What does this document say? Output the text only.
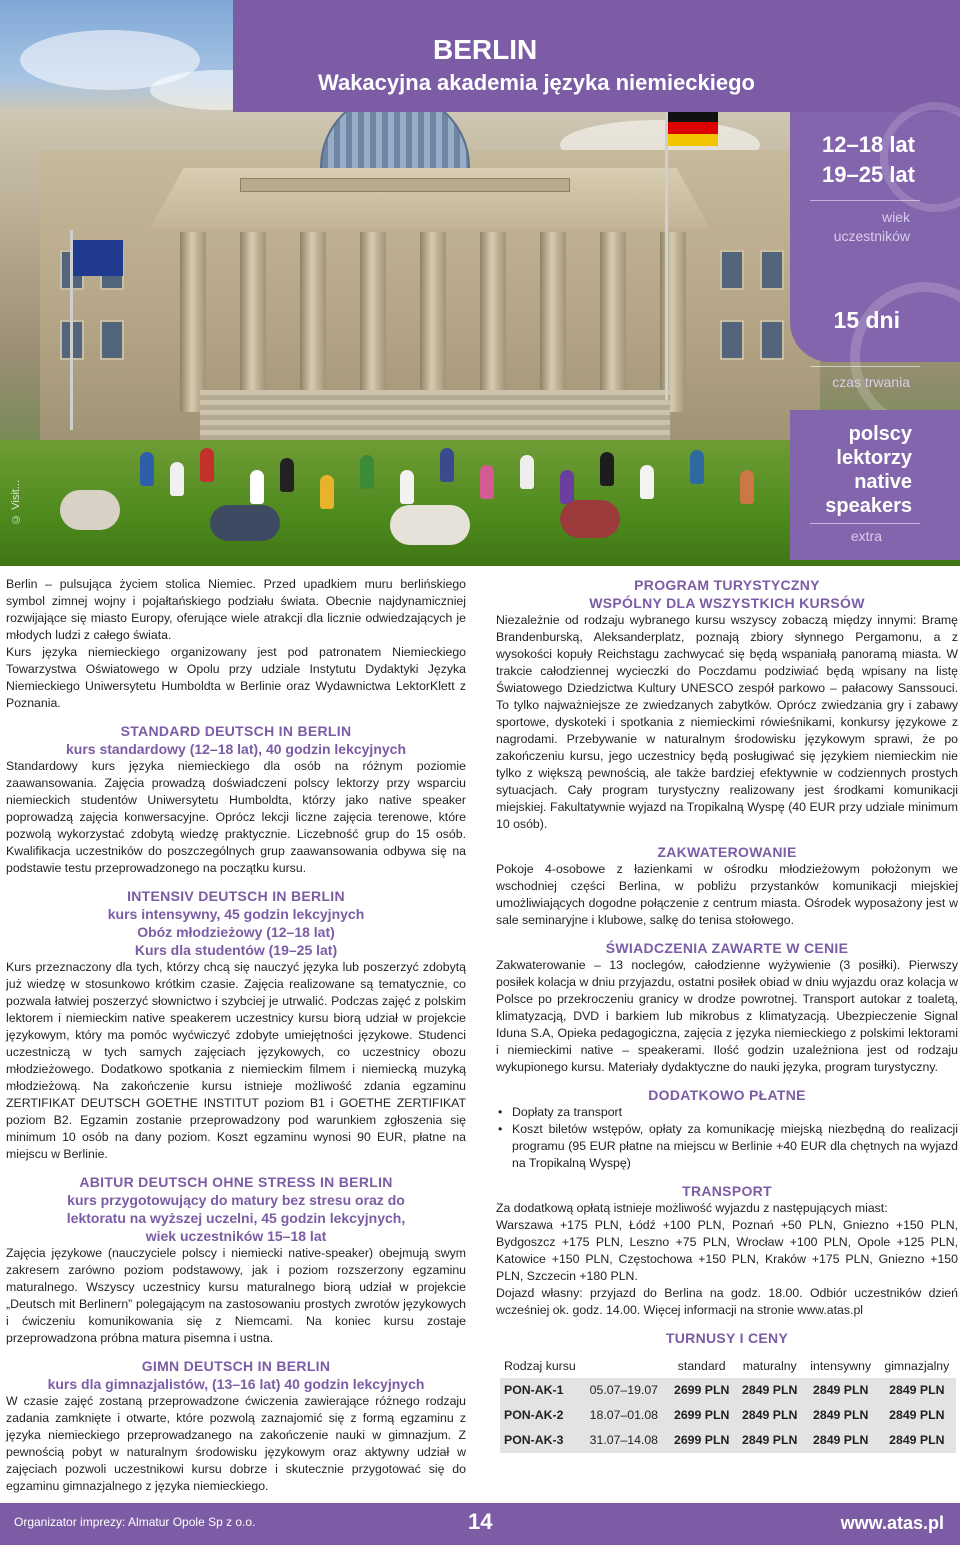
© Visit...
BERLIN
Wakacyjna akademia języka niemieckiego
12–18 lat
19–25 lat
wiek
uczestników
15 dni
czas trwania
polscy
lektorzy
native
speakers
extra

Berlin – pulsująca życiem stolica Niemiec. Przed upadkiem muru berlińskiego symbol zimnej wojny i pojałtańskiego podziału świata. Obecnie najdynamiczniej rozwijające się miasto Europy, oferujące wiele atrakcji dla licznie odwiedzających je młodych ludzi z całego świata.

Kurs języka niemieckiego organizowany jest pod patronatem Niemieckiego Towarzystwa Oświatowego w Opolu przy udziale Instytutu Dydaktyki Języka Niemieckiego Uniwersytetu Humboldta w Berlinie oraz Wydawnictwa LektorKlett z Poznania.

STANDARD DEUTSCH IN BERLIN
kurs standardowy (12–18 lat), 40 godzin lekcyjnych

Standardowy kurs języka niemieckiego dla osób na różnym poziomie zaawansowania. Zajęcia prowadzą doświadczeni polscy lektorzy przy wsparciu niemieckich studentów Uniwersytetu Humboldta, którzy jako native speaker poprowadzą zajęcia konwersacyjne. Oprócz lekcji liczne zajęcia terenowe, które pozwolą wykorzystać zdobytą wiedzę praktycznie. Liczebność grup do 15 osób. Kwalifikacja uczestników do poszczególnych grup zaawansowania odbywa się na podstawie testu przeprowadzonego na początku kursu.

INTENSIV DEUTSCH IN BERLIN
kurs intensywny, 45 godzin lekcyjnych
Obóz młodzieżowy (12–18 lat)
Kurs dla studentów (19–25 lat)

Kurs przeznaczony dla tych, którzy chcą się nauczyć języka lub poszerzyć zdobytą już wiedzę w stosunkowo krótkim czasie. Zajęcia realizowane są tematycznie, co pozwala łatwiej poszerzyć słownictwo i szybciej je utrwalić. Podczas zajęć z polskim lektorem i niemieckim native speakerem uczestnicy kursu biorą udział w projekcie językowym, który ma pomóc wyćwiczyć zdobyte umiejętności językowe. Studenci uczestniczą w tych samych zajęciach językowych, co uczestnicy obozu młodzieżowego. Dodatkowo spotkania z niemieckim filmem i niemiecką muzyką młodzieżową. Na zakończenie kursu istnieje możliwość zdania egzaminu ZERTIFIKAT DEUTSCH GOETHE INSTITUT poziom B1 i GOETHE ZERTIFIKAT poziom B2. Egzamin zostanie przeprowadzony pod warunkiem zgłoszenia się minimum 10 osób na dany poziom. Koszt egzaminu wynosi 90 EUR, płatne na miejscu w Berlinie.

ABITUR DEUTSCH OHNE STRESS IN BERLIN
kurs przygotowujący do matury bez stresu oraz do
lektoratu na wyższej uczelni, 45 godzin lekcyjnych,
wiek uczestników 15–18 lat

Zajęcia językowe (nauczyciele polscy i niemiecki native-speaker) obejmują swym zakresem zarówno poziom podstawowy, jak i poziom rozszerzony egzaminu maturalnego. Wszyscy uczestnicy kursu maturalnego biorą udział w projekcie „Deutsch mit Berlinern” polegającym na zastosowaniu prostych zwrotów językowych i ćwiczeniu komunikowania się z Niemcami. Na koniec kursu zostaje przeprowadzona próbna matura pisemna i ustna.

GIMN DEUTSCH IN BERLIN
kurs dla gimnazjalistów, (13–16 lat) 40 godzin lekcyjnych

W czasie zajęć zostaną przeprowadzone ćwiczenia zawierające różnego rodzaju zadania zamknięte i otwarte, które pozwolą zaznajomić się z formą egzaminu z języka niemieckiego przeprowadzanego na zakończenie nauki w gimnazjum. Z pewnością pobyt w naturalnym środowisku językowym oraz aktywny udział w zajęciach pozwoli uczestnikowi kursu dobrze i skutecznie przygotować się do egzaminu gimnazjalnego z języka niemieckiego.

PROGRAM TURYSTYCZNY
WSPÓLNY DLA WSZYSTKICH KURSÓW

Niezależnie od rodzaju wybranego kursu wszyscy zobaczą między innymi: Bramę Brandenburską, Aleksanderplatz, poznają zbiory słynnego Pergamonu, a z wysokości kopuły Reichstagu zachwycać się będą wspaniałą panoramą miasta. W trakcie całodziennej wycieczki do Poczdamu podziwiać będą wpisany na listę Światowego Dziedzictwa Kultury UNESCO zespół parkowo – pałacowy Sanssouci. To tylko najważniejsze ze zwiedzanych zabytków. Oprócz zwiedzania gry i zabawy sportowe, dyskoteki i spotkania z niemieckimi rówieśnikami, konkursy językowe z nagrodami. Przebywanie w naturalnym środowisku językowym sprawi, że po zakończeniu kursu, jego uczestnicy będą posługiwać się językiem niemieckim nie tylko z większą pewnością, ale także bardziej efektywnie w codziennych prostych sytuacjach. Cały program turystyczny realizowany jest środkami komunikacji miejskiej. Fakultatywnie wyjazd na Tropikalną Wyspę (40 EUR przy udziale minimum 10 osób).

ZAKWATEROWANIE

Pokoje 4-osobowe z łazienkami w ośrodku młodzieżowym położonym we wschodniej części Berlina, w pobliżu przystanków komunikacji miejskiej umożliwiających dogodne połączenie z centrum miasta. Ośrodek wyposażony jest w sale seminaryjne i klubowe, salkę do tenisa stołowego.

ŚWIADCZENIA ZAWARTE W CENIE

Zakwaterowanie – 13 noclegów, całodzienne wyżywienie (3 posiłki). Pierwszy posiłek kolacja w dniu przyjazdu, ostatni posiłek obiad w dniu wyjazdu oraz kolacja w Polsce po przekroczeniu granicy w drodze powrotnej. Transport autokar z toaletą, klimatyzacją, DVD i barkiem lub mikrobus z klimatyzacją. Ubezpieczenie Signal Iduna S.A, Opieka pedagogiczna, zajęcia z języka niemieckiego z polskimi lektorami i niemieckimi native – speakerami. Ilość godzin uzależniona jest od rodzaju wykupionego kursu. Materiały dydaktyczne do nauki języka, program turystyczny.

DODATKOWO PŁATNE
• Dopłaty za transport
• Koszt biletów wstępów, opłaty za komunikację miejską niezbędną do realizacji programu (95 EUR płatne na miejscu w Berlinie +40 EUR dla chętnych na wyjazd na Tropikalną Wyspę)
TRANSPORT

Za dodatkową opłatą istnieje możliwość wyjazdu z następujących miast:

Warszawa +175 PLN, Łódź +100 PLN, Poznań +50 PLN, Gniezno +150 PLN, Bydgoszcz +175 PLN, Leszno +75 PLN, Wrocław +100 PLN, Opole +125 PLN, Katowice +150 PLN, Częstochowa +150 PLN, Kraków +175 PLN, Gniezno +150 PLN, Szczecin +180 PLN.

Dojazd własny: przyjazd do Berlina na godz. 18.00. Odbiór uczestników dzień wcześniej ok. godz. 14.00. Więcej informacji na stronie www.atas.pl

TURNUSY I CENY
Rodzaj kursu		standard	maturalny	intensywny	gimnazjalny
PON-AK-1	05.07–19.07	2699 PLN	2849 PLN	2849 PLN	2849 PLN
PON-AK-2	18.07–01.08	2699 PLN	2849 PLN	2849 PLN	2849 PLN
PON-AK-3	31.07–14.08	2699 PLN	2849 PLN	2849 PLN	2849 PLN
Organizator imprezy: Almatur Opole Sp z o.o.	14	www.atas.pl
